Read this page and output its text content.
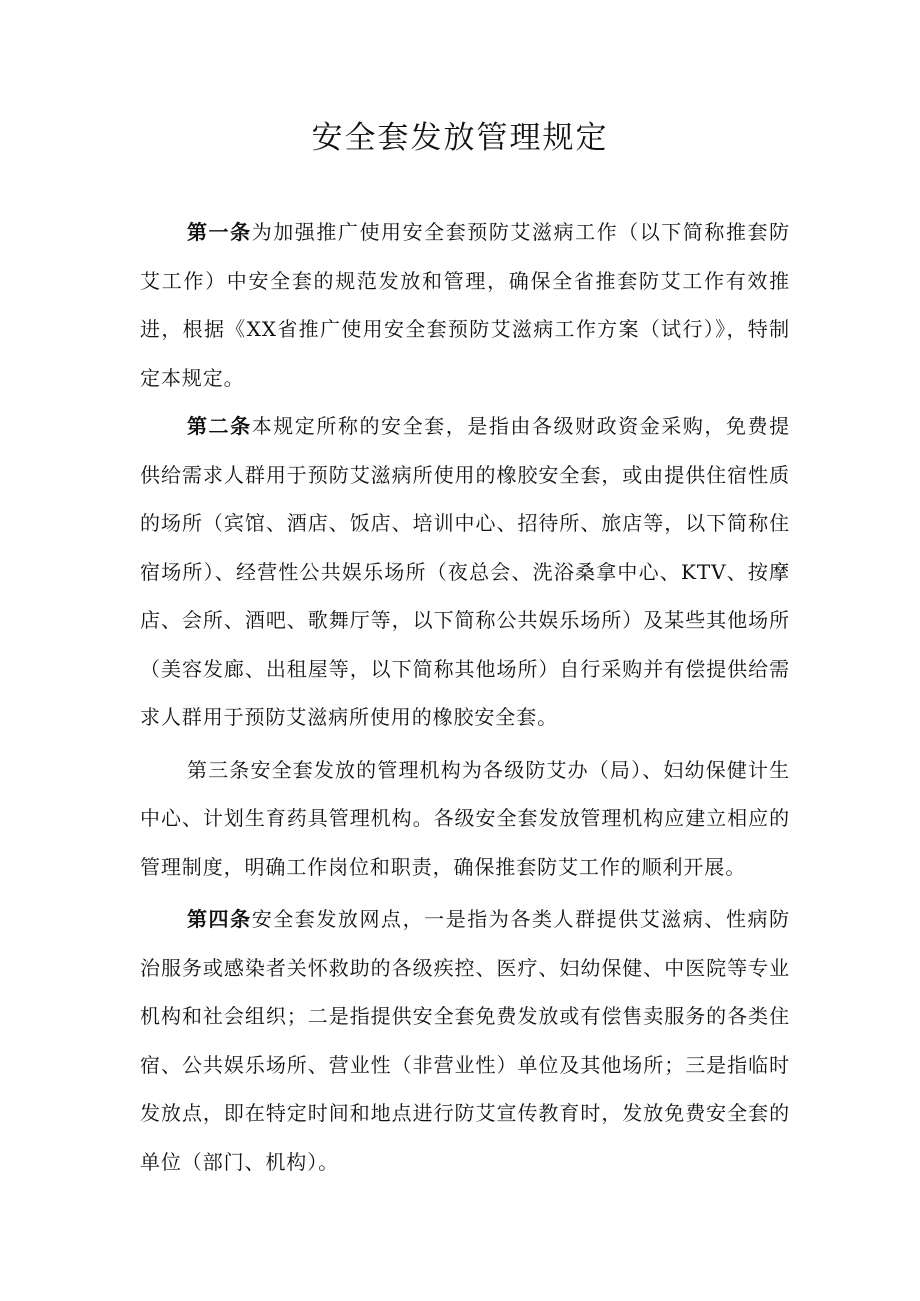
安全套发放管理规定

第一条为加强推广使用安全套预防艾滋病工作（以下简称推套防艾工作）中安全套的规范发放和管理，确保全省推套防艾工作有效推进，根据《XX省推广使用安全套预防艾滋病工作方案（试行）》，特制定本规定。

第二条本规定所称的安全套，是指由各级财政资金采购，免费提供给需求人群用于预防艾滋病所使用的橡胶安全套，或由提供住宿性质的场所（宾馆、酒店、饭店、培训中心、招待所、旅店等，以下简称住宿场所）、经营性公共娱乐场所（夜总会、洗浴桑拿中心、KTV、按摩店、会所、酒吧、歌舞厅等，以下简称公共娱乐场所）及某些其他场所（美容发廊、出租屋等，以下简称其他场所）自行采购并有偿提供给需求人群用于预防艾滋病所使用的橡胶安全套。

第三条安全套发放的管理机构为各级防艾办（局）、妇幼保健计生中心、计划生育药具管理机构。各级安全套发放管理机构应建立相应的管理制度，明确工作岗位和职责，确保推套防艾工作的顺利开展。

第四条安全套发放网点，一是指为各类人群提供艾滋病、性病防治服务或感染者关怀救助的各级疾控、医疗、妇幼保健、中医院等专业机构和社会组织；二是指提供安全套免费发放或有偿售卖服务的各类住宿、公共娱乐场所、营业性（非营业性）单位及其他场所；三是指临时发放点，即在特定时间和地点进行防艾宣传教育时，发放免费安全套的单位（部门、机构）。
